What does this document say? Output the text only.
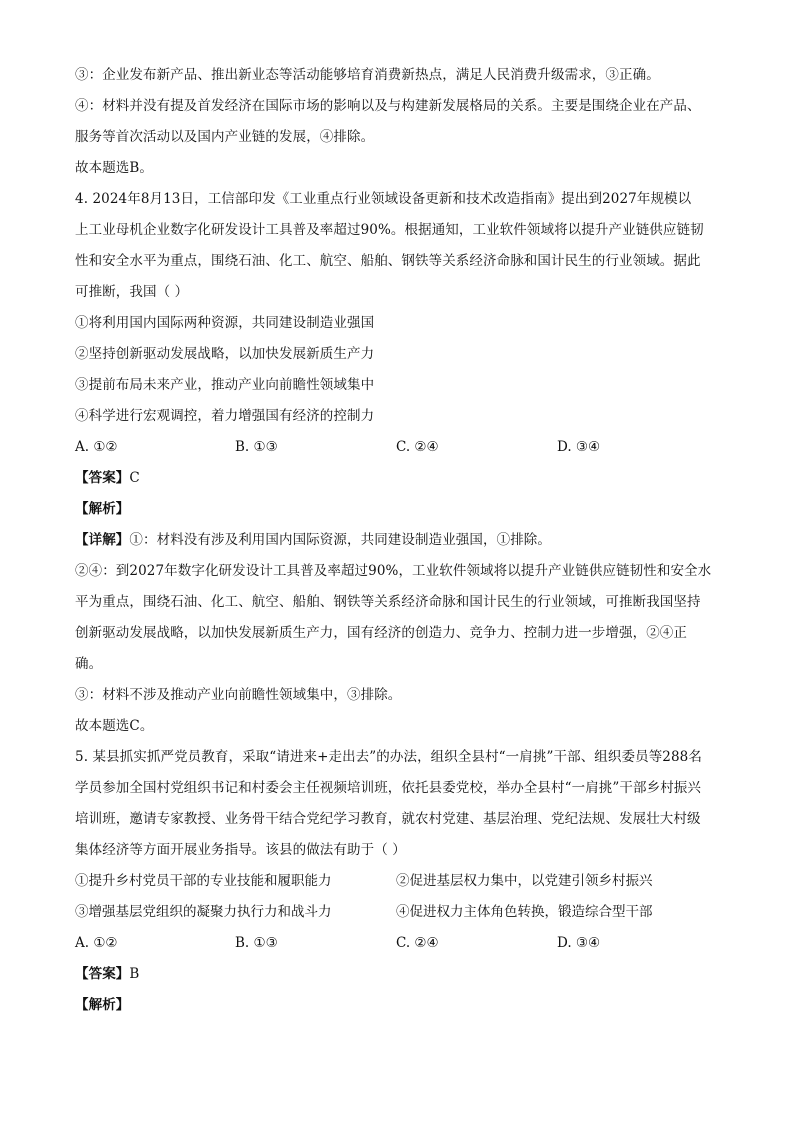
③：企业发布新产品、推出新业态等活动能够培育消费新热点，满足人民消费升级需求，③正确。
④：材料并没有提及首发经济在国际市场的影响以及与构建新发展格局的关系。主要是围绕企业在产品、
服务等首次活动以及国内产业链的发展，④排除。
故本题选B。
4. 2024年8月13日，工信部印发《工业重点行业领域设备更新和技术改造指南》提出到2027年规模以
上工业母机企业数字化研发设计工具普及率超过90%。根据通知，工业软件领域将以提升产业链供应链韧
性和安全水平为重点，围绕石油、化工、航空、船舶、钢铁等关系经济命脉和国计民生的行业领域。据此
可推断，我国（ ）
①将利用国内国际两种资源，共同建设制造业强国
②坚持创新驱动发展战略，以加快发展新质生产力
③提前布局未来产业，推动产业向前瞻性领域集中
④科学进行宏观调控，着力增强国有经济的控制力
A. ①②	B. ①③	C. ②④	D. ③④
【答案】C
【解析】
【详解】①：材料没有涉及利用国内国际资源，共同建设制造业强国，①排除。
②④：到2027年数字化研发设计工具普及率超过90%，工业软件领域将以提升产业链供应链韧性和安全水
平为重点，围绕石油、化工、航空、船舶、钢铁等关系经济命脉和国计民生的行业领域，可推断我国坚持
创新驱动发展战略，以加快发展新质生产力，国有经济的创造力、竞争力、控制力进一步增强，②④正
确。
③：材料不涉及推动产业向前瞻性领域集中，③排除。
故本题选C。
5. 某县抓实抓严党员教育，采取“请进来+走出去”的办法，组织全县村“一肩挑”干部、组织委员等288名
学员参加全国村党组织书记和村委会主任视频培训班，依托县委党校，举办全县村“一肩挑”干部乡村振兴
培训班，邀请专家教授、业务骨干结合党纪学习教育，就农村党建、基层治理、党纪法规、发展壮大村级
集体经济等方面开展业务指导。该县的做法有助于（ ）
①提升乡村党员干部的专业技能和履职能力	②促进基层权力集中，以党建引领乡村振兴
③增强基层党组织的凝聚力执行力和战斗力	④促进权力主体角色转换，锻造综合型干部
A. ①②	B. ①③	C. ②④	D. ③④
【答案】B
【解析】
